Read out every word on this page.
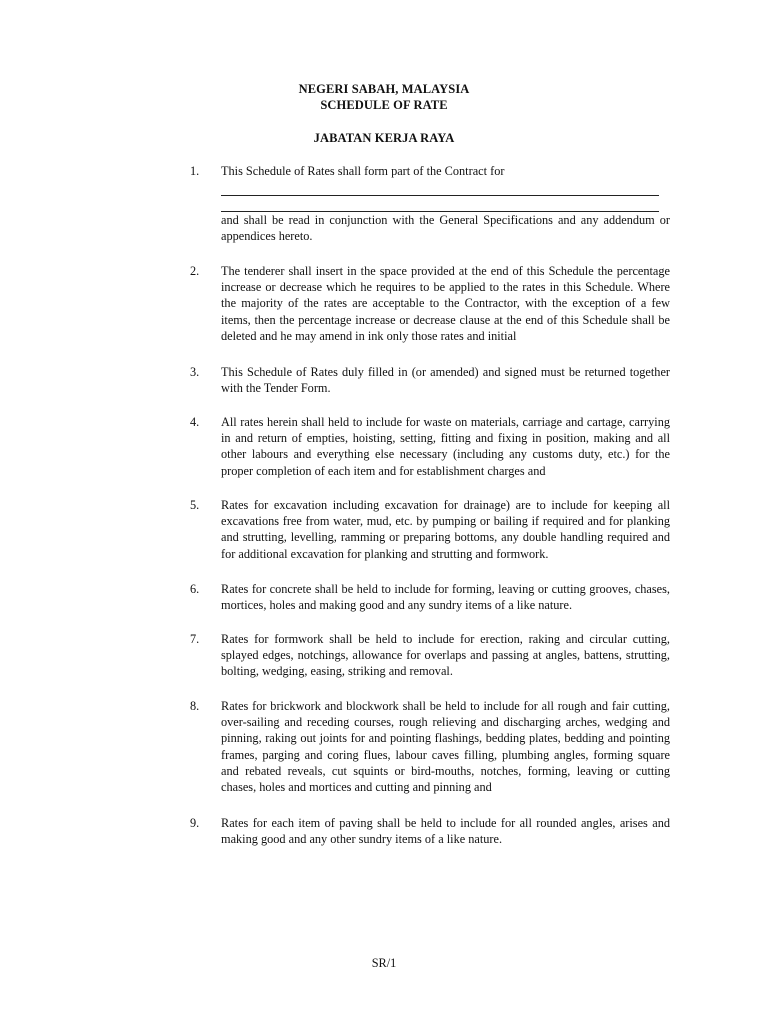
NEGERI SABAH, MALAYSIA
SCHEDULE OF RATE
JABATAN KERJA RAYA
1. This Schedule of Rates shall form part of the Contract for
and shall be read in conjunction with the General Specifications and any addendum or appendices hereto.
2. The tenderer shall insert in the space provided at the end of this Schedule the percentage increase or decrease which he requires to be applied to the rates in this Schedule. Where the majority of the rates are acceptable to the Contractor, with the exception of a few items, then the percentage increase or decrease clause at the end of this Schedule shall be deleted and he may amend in ink only those rates and initial
3. This Schedule of Rates duly filled in (or amended) and signed must be returned together with the Tender Form.
4. All rates herein shall held to include for waste on materials, carriage and cartage, carrying in and return of empties, hoisting, setting, fitting and fixing in position, making and all other labours and everything else necessary (including any customs duty, etc.) for the proper completion of each item and for establishment charges and
5. Rates for excavation including excavation for drainage) are to include for keeping all excavations free from water, mud, etc. by pumping or bailing if required and for planking and strutting, levelling, ramming or preparing bottoms, any double handling required and for additional excavation for planking and strutting and formwork.
6. Rates for concrete shall be held to include for forming, leaving or cutting grooves, chases, mortices, holes and making good and any sundry items of a like nature.
7. Rates for formwork shall be held to include for erection, raking and circular cutting, splayed edges, notchings, allowance for overlaps and passing at angles, battens, strutting, bolting, wedging, easing, striking and removal.
8. Rates for brickwork and blockwork shall be held to include for all rough and fair cutting, over-sailing and receding courses, rough relieving and discharging arches, wedging and pinning, raking out joints for and pointing flashings, bedding plates, bedding and pointing frames, parging and coring flues, labour caves filling, plumbing angles, forming square and rebated reveals, cut squints or bird-mouths, notches, forming, leaving or cutting chases, holes and mortices and cutting and pinning and
9. Rates for each item of paving shall be held to include for all rounded angles, arises and making good and any other sundry items of a like nature.
SR/1
